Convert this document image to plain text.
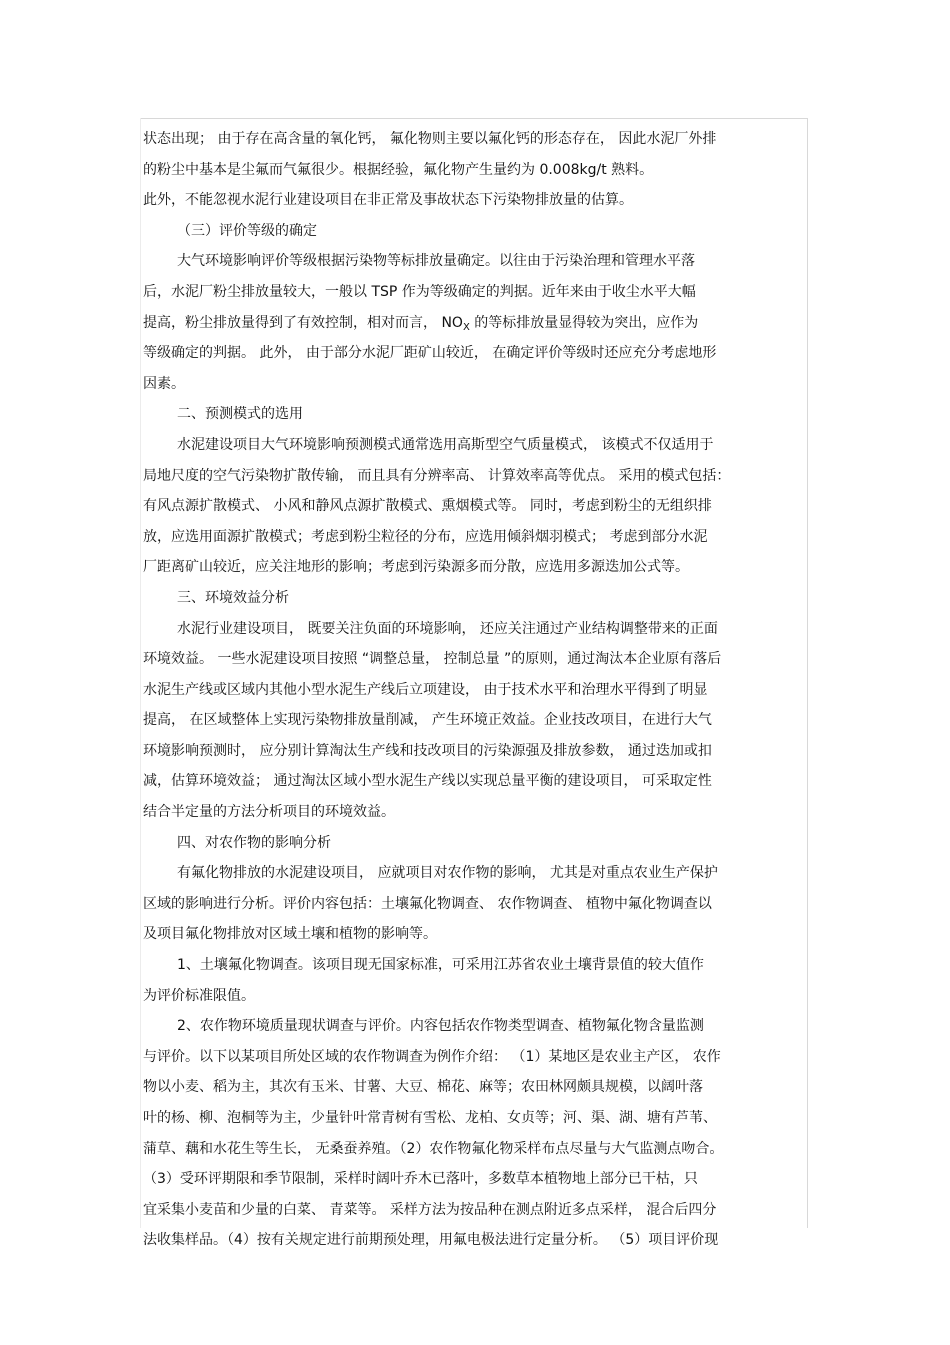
状态出现； 由于存在高含量的氧化钙， 氟化物则主要以氟化钙的形态存在， 因此水泥厂外排
的粉尘中基本是尘氟而气氟很少。根据经验，氟化物产生量约为 0.008kg/t 熟料。
此外，不能忽视水泥行业建设项目在非正常及事故状态下污染物排放量的估算。
（三）评价等级的确定
大气环境影响评价等级根据污染物等标排放量确定。以往由于污染治理和管理水平落
后，水泥厂粉尘排放量较大，一般以 TSP 作为等级确定的判据。近年来由于收尘水平大幅
提高，粉尘排放量得到了有效控制，相对而言， $NO_X$ 的等标排放量显得较为突出，应作为
等级确定的判据。 此外， 由于部分水泥厂距矿山较近， 在确定评价等级时还应充分考虑地形
因素。
二、预测模式的选用
水泥建设项目大气环境影响预测模式通常选用高斯型空气质量模式， 该模式不仅适用于
局地尺度的空气污染物扩散传输， 而且具有分辨率高、 计算效率高等优点。 采用的模式包括：
有风点源扩散模式、 小风和静风点源扩散模式、熏烟模式等。 同时，考虑到粉尘的无组织排
放，应选用面源扩散模式；考虑到粉尘粒径的分布，应选用倾斜烟羽模式； 考虑到部分水泥
厂距离矿山较近，应关注地形的影响；考虑到污染源多而分散，应选用多源迭加公式等。
三、环境效益分析
水泥行业建设项目， 既要关注负面的环境影响， 还应关注通过产业结构调整带来的正面
环境效益。 一些水泥建设项目按照 “调整总量， 控制总量 ”的原则，通过淘汰本企业原有落后
水泥生产线或区域内其他小型水泥生产线后立项建设， 由于技术水平和治理水平得到了明显
提高， 在区域整体上实现污染物排放量削减， 产生环境正效益。企业技改项目，在进行大气
环境影响预测时， 应分别计算淘汰生产线和技改项目的污染源强及排放参数， 通过迭加或扣
减，估算环境效益； 通过淘汰区域小型水泥生产线以实现总量平衡的建设项目， 可采取定性
结合半定量的方法分析项目的环境效益。
四、对农作物的影响分析
有氟化物排放的水泥建设项目， 应就项目对农作物的影响， 尤其是对重点农业生产保护
区域的影响进行分析。评价内容包括：土壤氟化物调查、 农作物调查、 植物中氟化物调查以
及项目氟化物排放对区域土壤和植物的影响等。
1、土壤氟化物调查。该项目现无国家标准，可采用江苏省农业土壤背景值的较大值作
为评价标准限值。
2、农作物环境质量现状调查与评价。内容包括农作物类型调查、植物氟化物含量监测
与评价。以下以某项目所处区域的农作物调查为例作介绍： （1）某地区是农业主产区， 农作
物以小麦、稻为主，其次有玉米、甘薯、大豆、棉花、麻等；农田林网颇具规模，以阔叶落
叶的杨、柳、泡桐等为主，少量针叶常青树有雪松、龙柏、女贞等；河、渠、湖、塘有芦苇、
蒲草、藕和水花生等生长， 无桑蚕养殖。（2）农作物氟化物采样布点尽量与大气监测点吻合。
（3）受环评期限和季节限制，采样时阔叶乔木已落叶，多数草本植物地上部分已干枯，只
宜采集小麦苗和少量的白菜、 青菜等。 采样方法为按品种在测点附近多点采样， 混合后四分
法收集样品。（4）按有关规定进行前期预处理，用氟电极法进行定量分析。 （5）项目评价现
